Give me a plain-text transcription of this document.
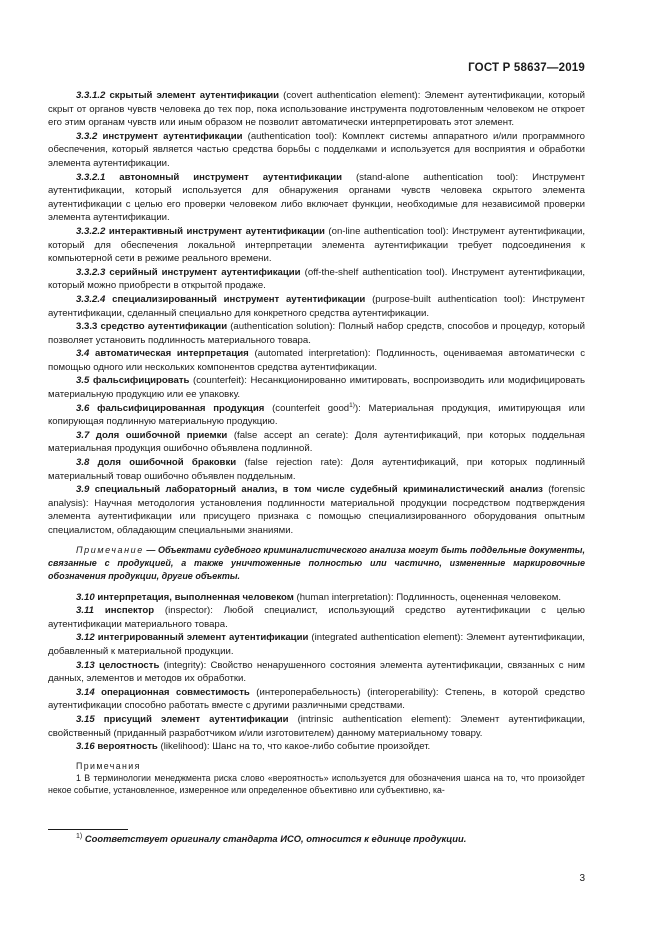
ГОСТ Р 58637—2019

3.3.1.2 скрытый элемент аутентификации (covert authentication element): Элемент аутентификации, который скрыт от органов чувств человека до тех пор, пока использование инструмента подготовленным человеком не откроет его этим органам чувств или иным образом не позволит автоматически интерпретировать этот элемент.

3.3.2 инструмент аутентификации (authentication tool): Комплект системы аппаратного и/или программного обеспечения, который является частью средства борьбы с подделками и используется для восприятия и обработки элемента аутентификации.

3.3.2.1 автономный инструмент аутентификации (stand-alone authentication tool): Инструмент аутентификации, который используется для обнаружения органами чувств человека скрытого элемента аутентификации с целью его проверки человеком либо включает функции, необходимые для независимой проверки элемента аутентификации.

3.3.2.2 интерактивный инструмент аутентификации (on-line authentication tool): Инструмент аутентификации, который для обеспечения локальной интерпретации элемента аутентификации требует подсоединения к компьютерной сети в режиме реального времени.

3.3.2.3 серийный инструмент аутентификации (off-the-shelf authentication tool). Инструмент аутентификации, который можно приобрести в открытой продаже.

3.3.2.4 специализированный инструмент аутентификации (purpose-built authentication tool): Инструмент аутентификации, сделанный специально для конкретного средства аутентификации.

3.3.3 средство аутентификации (authentication solution): Полный набор средств, способов и процедур, который позволяет установить подлинность материального товара.

3.4 автоматическая интерпретация (automated interpretation): Подлинность, оцениваемая автоматически с помощью одного или нескольких компонентов средства аутентификации.

3.5 фальсифицировать (counterfeit): Несанкционированно имитировать, воспроизводить или модифицировать материальную продукцию или ее упаковку.

3.6 фальсифицированная продукция (counterfeit good$^{1)}$): Материальная продукция, имитирующая или копирующая подлинную материальную продукцию.

3.7 доля ошибочной приемки (false accept an cerate): Доля аутентификаций, при которых поддельная материальная продукция ошибочно объявлена подлинной.

3.8 доля ошибочной браковки (false rejection rate): Доля аутентификаций, при которых подлинный материальный товар ошибочно объявлен поддельным.

3.9 специальный лабораторный анализ, в том числе судебный криминалистический анализ (forensic analysis): Научная методология установления подлинности материальной продукции посредством подтверждения элемента аутентификации или присущего признака с помощью специализированного оборудования опытным специалистом, обладающим специальными знаниями.

Примечание — Объектами судебного криминалистического анализа могут быть поддельные документы, связанные с продукцией, а также уничтоженные полностью или частично, измененные маркировочные обозначения продукции, другие объекты.

3.10 интерпретация, выполненная человеком (human interpretation): Подлинность, оцененная человеком.

3.11 инспектор (inspector): Любой специалист, использующий средство аутентификации с целью аутентификации материального товара.

3.12 интегрированный элемент аутентификации (integrated authentication element): Элемент аутентификации, добавленный к материальной продукции.

3.13 целостность (integrity): Свойство ненарушенного состояния элемента аутентификации, связанных с ним данных, элементов и методов их обработки.

3.14 операционная совместимость (интероперабельность) (interoperability): Степень, в которой средство аутентификации способно работать вместе с другими различными средствами.

3.15 присущий элемент аутентификации (intrinsic authentication element): Элемент аутентификации, свойственный (приданный разработчиком и/или изготовителем) данному материальному товару.

3.16 вероятность (likelihood): Шанс на то, что какое-либо событие произойдет.

Примечания

1 В терминологии менеджмента риска слово «вероятность» используется для обозначения шанса на то, что произойдет некое событие, установленное, измеренное или определенное объективно или субъективно, ка-

$^{1)}$ Соответствует оригиналу стандарта ИСО, относится к единице продукции.
3
